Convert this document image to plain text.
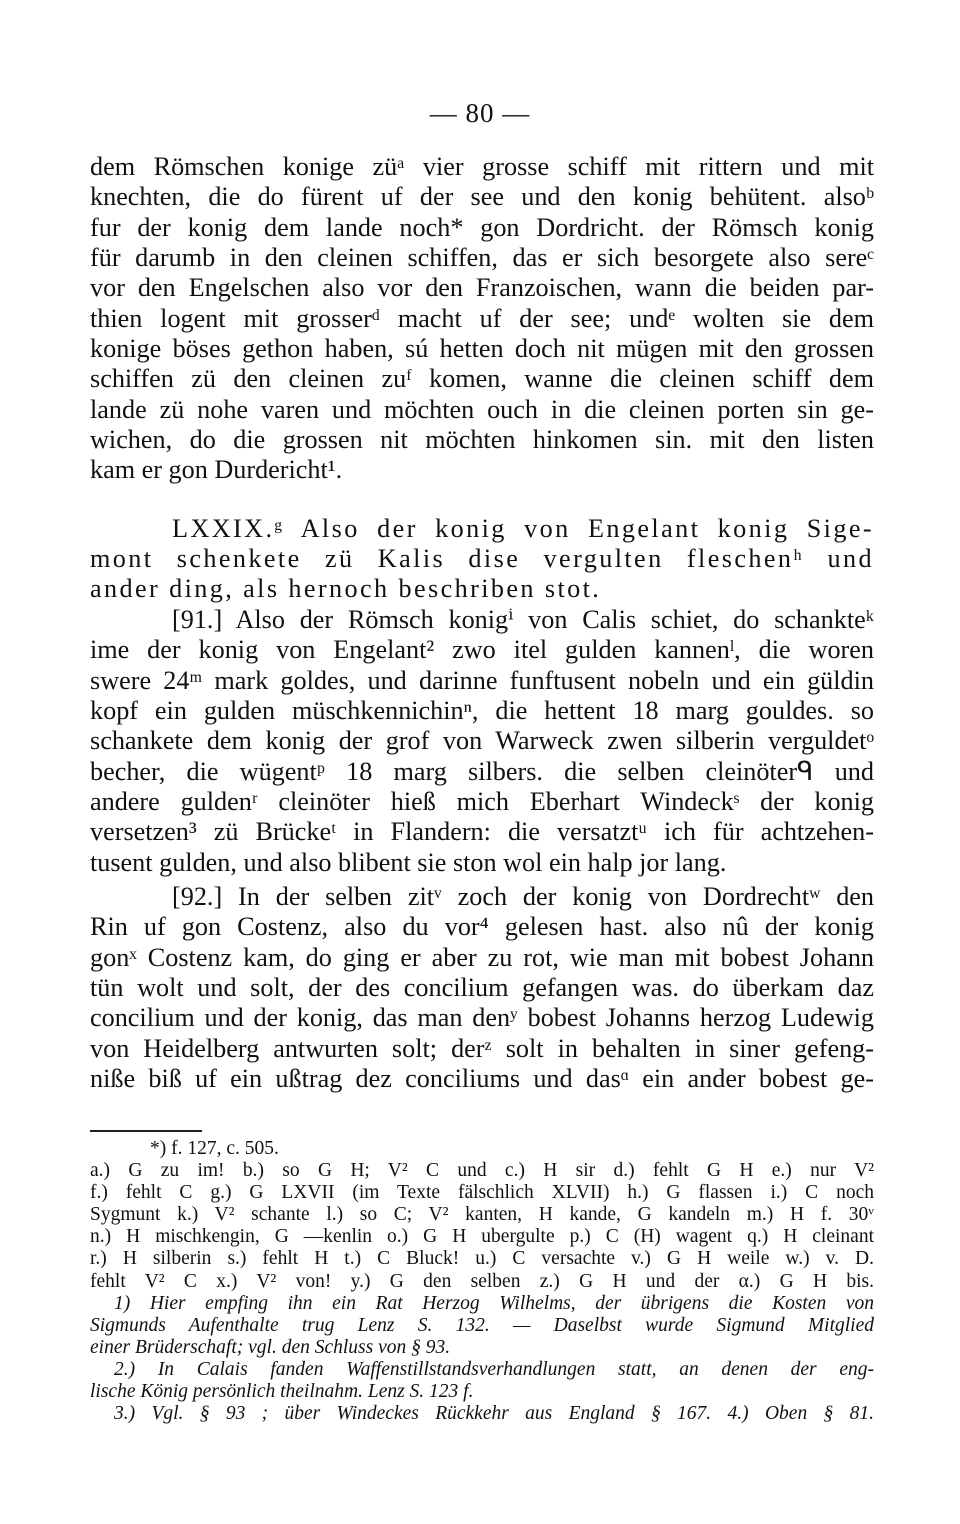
— 80 —
dem Römschen konige züᵃ vier grosse schiff mit rittern und mit
knechten, die do fürent uf der see und den konig behütent. alsoᵇ
fur der konig dem lande noch* gon Dordricht. der Römsch konig
für darumb in den cleinen schiffen, das er sich besorgete also sereᶜ
vor den Engelschen also vor den Franzoischen, wann die beiden par-
thien logent mit grosserᵈ macht uf der see; undᵉ wolten sie dem
konige böses gethon haben, sú hetten doch nit mügen mit den grossen
schiffen zü den cleinen zuᶠ komen, wanne die cleinen schiff dem
lande zü nohe varen und möchten ouch in die cleinen porten sin ge-
wichen, do die grossen nit möchten hinkomen sin. mit den listen
kam er gon Durdericht¹.
LXXIX.ᵍ Also der konig von Engelant konig Sige-
mont schenkete zü Kalis dise vergulten fleschenʰ und
ander ding, als hernoch beschriben stot.
[91.] Also der Römsch konigⁱ von Calis schiet, do schankteᵏ
ime der konig von Engelant² zwo itel gulden kannenˡ, die woren
swere 24ᵐ mark goldes, und darinne funftusent nobeln und ein güldin
kopf ein gulden müschkennichinⁿ, die hettent 18 marg gouldes. so
schankete dem konig der grof von Warweck zwen silberin verguldetᵒ
becher, die wügentᵖ 18 marg silbers. die selben cleinöterᑫ und
andere guldenʳ cleinöter hieß mich Eberhart Windeckˢ der konig
versetzen³ zü Brückeᵗ in Flandern: die versatztᵘ ich für achtzehen-
tusent gulden, und also blibent sie ston wol ein halp jor lang.
[92.] In der selben zitᵛ zoch der konig von Dordrechtʷ den
Rin uf gon Costenz, also du vor⁴ gelesen hast. also nû der konig
gonˣ Costenz kam, do ging er aber zu rot, wie man mit bobest Johann
tün wolt und solt, der des concilium gefangen was. do überkam daz
concilium und der konig, das man denʸ bobest Johanns herzog Ludewig
von Heidelberg antwurten solt; derᶻ solt in behalten in siner gefeng-
niße biß uf ein ußtrag dez conciliums und dasᵅ ein ander bobest ge-
*) f. 127, c. 505.
a.) G zu im! b.) so G H; V² C und c.) H sir d.) fehlt G H e.) nur V²
f.) fehlt C g.) G LXVII (im Texte fälschlich XLVII) h.) G flassen i.) C noch
Sygmunt k.) V² schante l.) so C; V² kanten, H kande, G kandeln m.) H f. 30ᵛ
n.) H mischkengin, G —kenlin o.) G H ubergulte p.) C (H) wagent q.) H cleinant
r.) H silberin s.) fehlt H t.) C Bluck! u.) C versachte v.) G H weile w.) v. D.
fehlt V² C x.) V² von! y.) G den selben z.) G H und der α.) G H bis.
1) Hier empfing ihn ein Rat Herzog Wilhelms, der übrigens die Kosten von
Sigmunds Aufenthalte trug Lenz S. 132. — Daselbst wurde Sigmund Mitglied
einer Brüderschaft; vgl. den Schluss von § 93.
2.) In Calais fanden Waffenstillstandsverhandlungen statt, an denen der eng-
lische König persönlich theilnahm. Lenz S. 123 f.
3.) Vgl. § 93 ; über Windeckes Rückkehr aus England § 167. 4.) Oben § 81.
